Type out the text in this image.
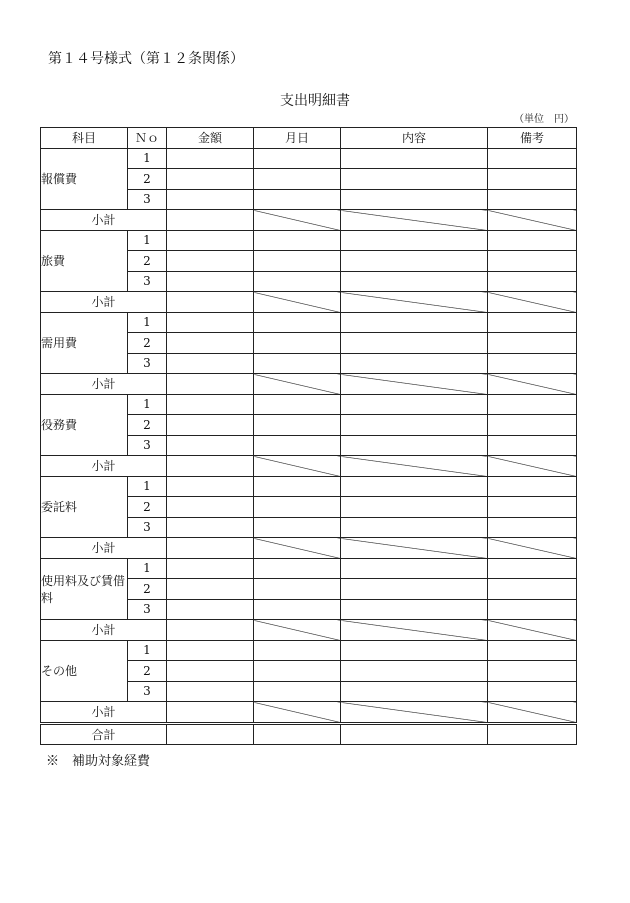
第１４号様式（第１２条関係）
支出明細書
（単位　円）
科目	Ｎｏ	金額	月日	内容	備考
報償費	1				
	2				
	3				
小計					
旅費	1				
	2				
	3				
小計					
需用費	1				
	2				
	3				
小計					
役務費	1				
	2				
	3				
小計					
委託料	1				
	2				
	3				
小計					
使用料及び賃借料	1				
	2				
	3				
小計					
その他	1				
	2				
	3				
小計					
合計					
※　補助対象経費
